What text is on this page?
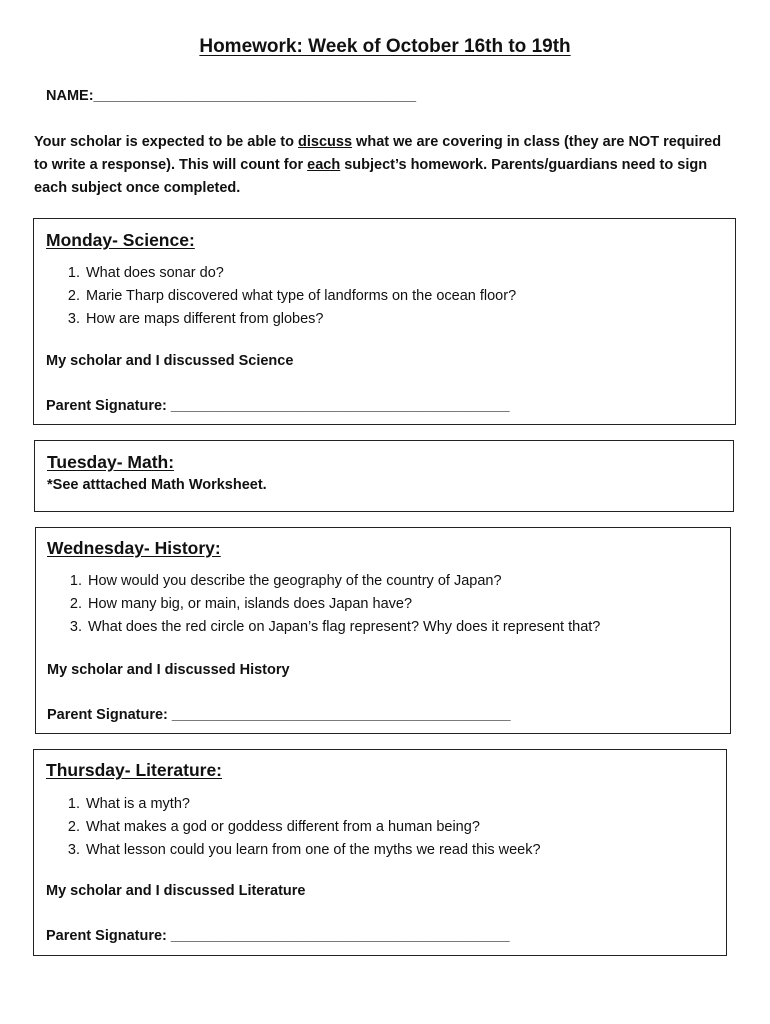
Homework: Week of October 16th to 19th
NAME:________________________________________
Your scholar is expected to be able to discuss what we are covering in class (they are NOT required to write a response). This will count for each subject’s homework. Parents/guardians need to sign each subject once completed.
Monday- Science:
1. What does sonar do?
2. Marie Tharp discovered what type of landforms on the ocean floor?
3. How are maps different from globes?
My scholar and I discussed Science
Parent Signature: __________________________________________
Tuesday- Math:
*See atttached Math Worksheet.
Wednesday- History:
1. How would you describe the geography of the country of Japan?
2. How many big, or main, islands does Japan have?
3. What does the red circle on Japan’s flag represent? Why does it represent that?
My scholar and I discussed History
Parent Signature: __________________________________________
Thursday- Literature:
1. What is a myth?
2. What makes a god or goddess different from a human being?
3. What lesson could you learn from one of the myths we read this week?
My scholar and I discussed Literature
Parent Signature: __________________________________________
